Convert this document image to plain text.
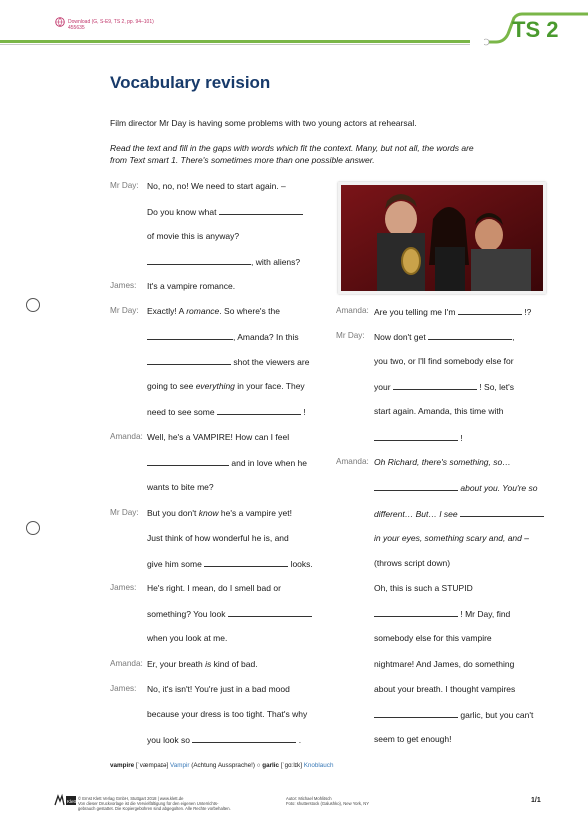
Download (G, S-E9, TS 2, pp. 94–101)
455635	TS 2
Vocabulary revision
Film director Mr Day is having some problems with two young actors at rehearsal.
Read the text and fill in the gaps with words which fit the context. Many, but not all, the words are
from Text smart 1. There's sometimes more than one possible answer.
Mr Day: No, no, no! We need to start again. –
Do you know what
of movie this is anyway?
, with aliens?
James: It's a vampire romance.
Mr Day: Exactly! A romance. So where's the
, Amanda? In this
shot the viewers are
going to see everything in your face. They
need to see some	!
Amanda: Well, he's a VAMPIRE! How can I feel
and in love when he
wants to bite me?
Mr Day: But you don't know he's a vampire yet!
Just think of how wonderful he is, and
give him some	looks.
James: He's right. I mean, do I smell bad or
something? You look
when you look at me.
Amanda: Er, your breath is kind of bad.
James: No, it's isn't! You're just in a bad mood
because your dress is too tight. That's why
you look so	.
Amanda: Are you telling me I'm	!?
Mr Day: Now don't get	,
you two, or I'll find somebody else for
your	! So, let's
start again. Amanda, this time with
!
Amanda: Oh Richard, there's something, so…
about you. You're so
different… But… I see
in your eyes, something scary and, and –
(throws script down)
Oh, this is such a STUPID
! Mr Day, find
somebody else for this vampire
nightmare! And James, do something
about your breath. I thought vampires
garlic, but you can't
seem to get enough!
vampire [ˈvæmpaɪə] Vampir (Achtung Aussprache!) ○ garlic [ˈɡɑːlɪk] Knoblauch
Klett
© Ernst Klett Verlag GmbH, Stuttgart 2018 | www.klett.de
Von dieser Druckvorlage ist die Vervielfältigung für den eigenen Unterrichts-
gebrauch gestattet. Die Kopiergebühren sind abgegolten. Alle Rechte vorbehalten.
Autor: Michael Mohlitsch
Foto: shutterstock (Galushko), New York, NY	1/1
